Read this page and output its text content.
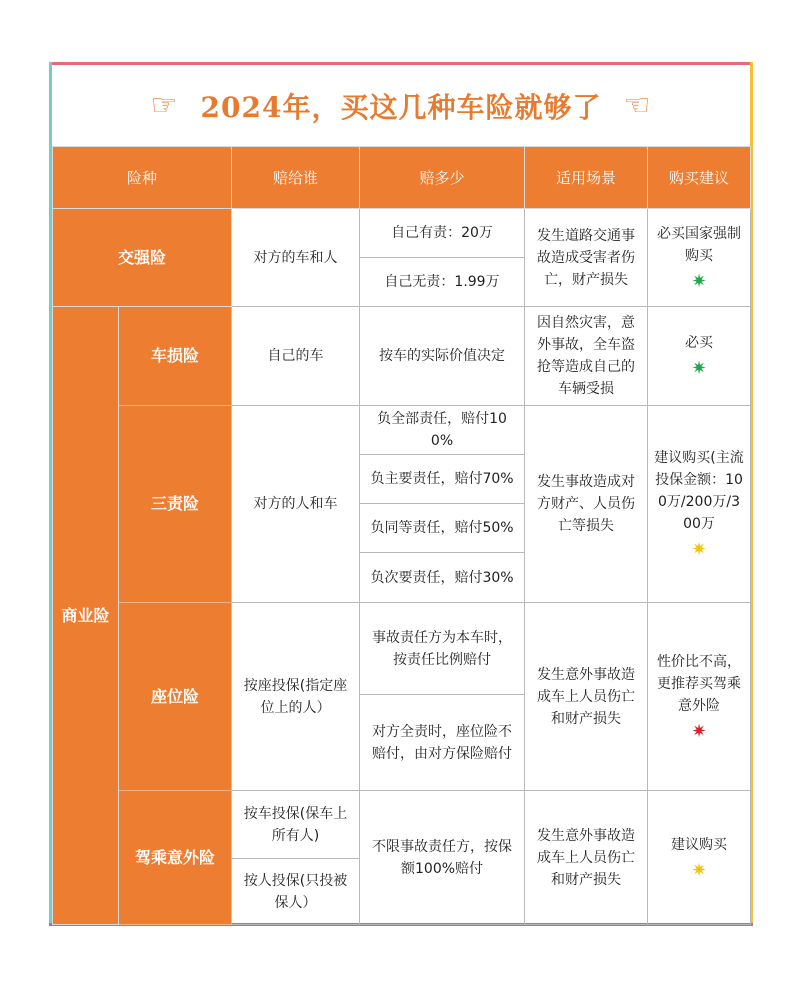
☞ 2024年，买这几种车险就够了 ☜
险种		赔给谁	赔多少	适用场景	购买建议
交强险		对方的车和人	自己有责：20万	发生道路交通事故造成受害者伤亡，财产损失	必买国家强制购买
✷

			自己无责：1.99万		
商业险	车损险	自己的车	按车的实际价值决定	因自然灾害，意外事故，全车盗抢等造成自己的车辆受损	必买
✷

	三责险	对方的人和车	负全部责任，赔付100%	发生事故造成对方财产、人员伤亡等损失	建议购买(主流投保金额：100万/200万/300万
✷

			负主要责任，赔付70%		
			负同等责任，赔付50%		
			负次要责任，赔付30%		
	座位险	按座投保(指定座位上的人）	事故责任方为本车时，按责任比例赔付	发生意外事故造成车上人员伤亡和财产损失	性价比不高，更推荐买驾乘意外险
✷

			对方全责时，座位险不赔付，由对方保险赔付		
	驾乘意外险	按车投保(保车上所有人)	不限事故责任方，按保额100%赔付	发生意外事故造成车上人员伤亡和财产损失	建议购买
✷

		按人投保(只投被保人）			
